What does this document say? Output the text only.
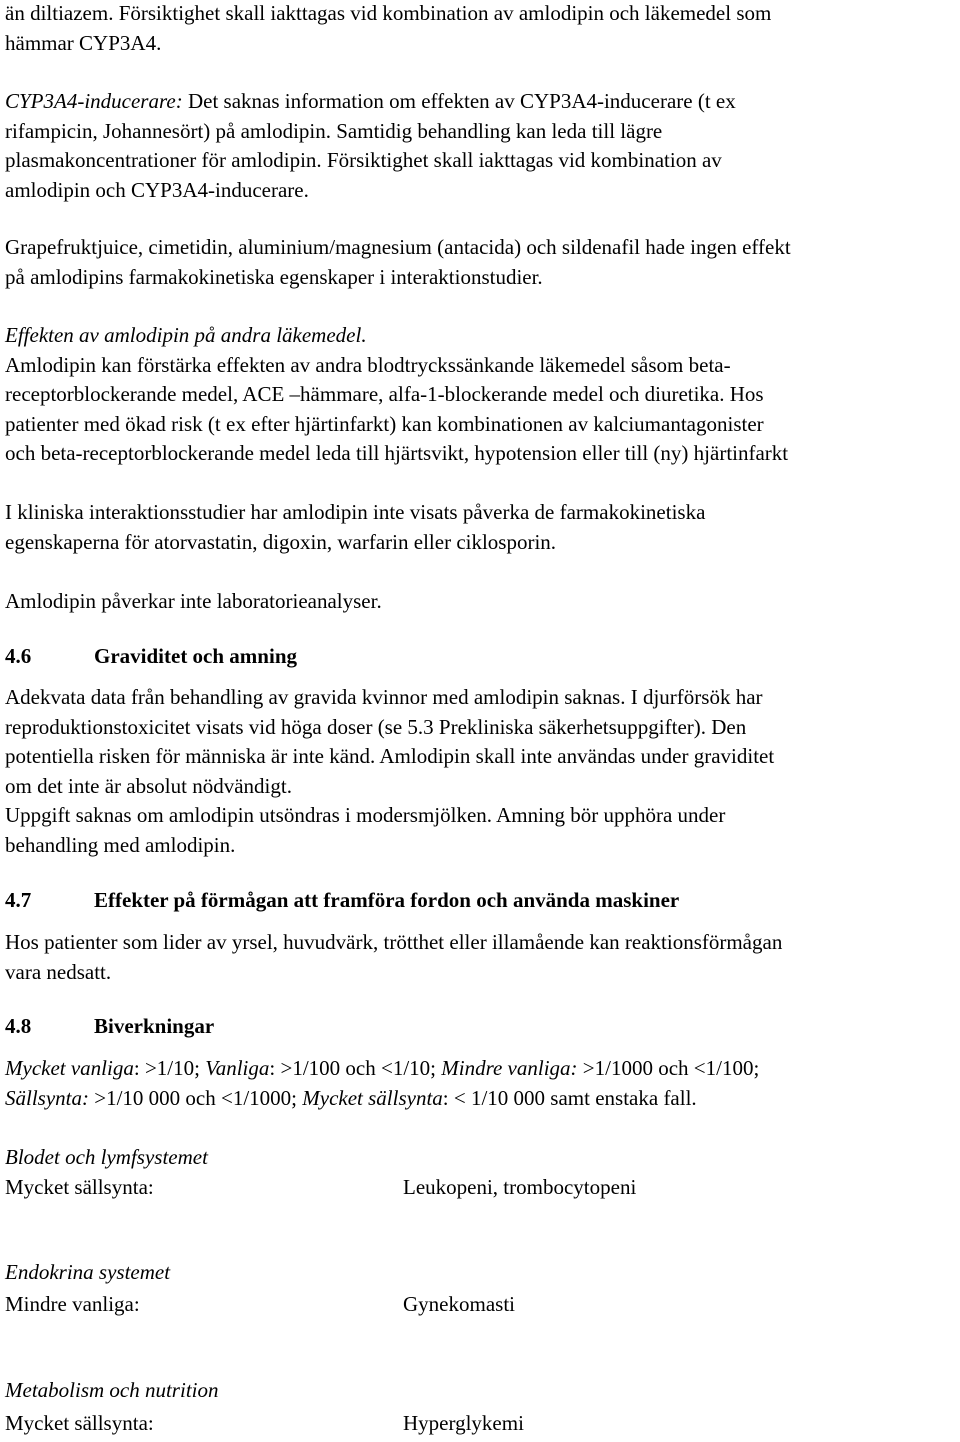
än diltiazem. Försiktighet skall iakttagas vid kombination av amlodipin och läkemedel som
hämmar CYP3A4.
CYP3A4-inducerare: Det saknas information om effekten av CYP3A4-inducerare (t ex
rifampicin, Johannesört) på amlodipin. Samtidig behandling kan leda till lägre
plasmakoncentrationer för amlodipin. Försiktighet skall iakttagas vid kombination av
amlodipin och CYP3A4-inducerare.
Grapefruktjuice, cimetidin, aluminium/magnesium (antacida) och sildenafil hade ingen effekt
på amlodipins farmakokinetiska egenskaper i interaktionstudier.
Effekten av amlodipin på andra läkemedel.
Amlodipin kan förstärka effekten av andra blodtryckssänkande läkemedel såsom beta-
receptorblockerande medel, ACE –hämmare, alfa-1-blockerande medel och diuretika. Hos
patienter med ökad risk (t ex efter hjärtinfarkt) kan kombinationen av kalciumantagonister
och beta-receptorblockerande medel leda till hjärtsvikt, hypotension eller till (ny) hjärtinfarkt
I kliniska interaktionsstudier har amlodipin inte visats påverka de farmakokinetiska
egenskaperna för atorvastatin, digoxin, warfarin eller ciklosporin.
Amlodipin påverkar inte laboratorieanalyser.
4.6	Graviditet och amning
Adekvata data från behandling av gravida kvinnor med amlodipin saknas. I djurförsök har
reproduktionstoxicitet visats vid höga doser (se 5.3 Prekliniska säkerhetsuppgifter). Den
potentiella risken för människa är inte känd. Amlodipin skall inte användas under graviditet
om det inte är absolut nödvändigt.
Uppgift saknas om amlodipin utsöndras i modersmjölken. Amning bör upphöra under
behandling med amlodipin.
4.7	Effekter på förmågan att framföra fordon och använda maskiner
Hos patienter som lider av yrsel, huvudvärk, trötthet eller illamående kan reaktionsförmågan
vara nedsatt.
4.8	Biverkningar
Mycket vanliga: >1/10; Vanliga: >1/100 och <1/10; Mindre vanliga: >1/1000 och <1/100;
Sällsynta: >1/10 000 och <1/1000; Mycket sällsynta: < 1/10 000 samt enstaka fall.
Blodet och lymfsystemet
Mycket sällsynta:	Leukopeni, trombocytopeni
Endokrina systemet
Mindre vanliga:	Gynekomasti
Metabolism och nutrition
Mycket sällsynta:	Hyperglykemi
